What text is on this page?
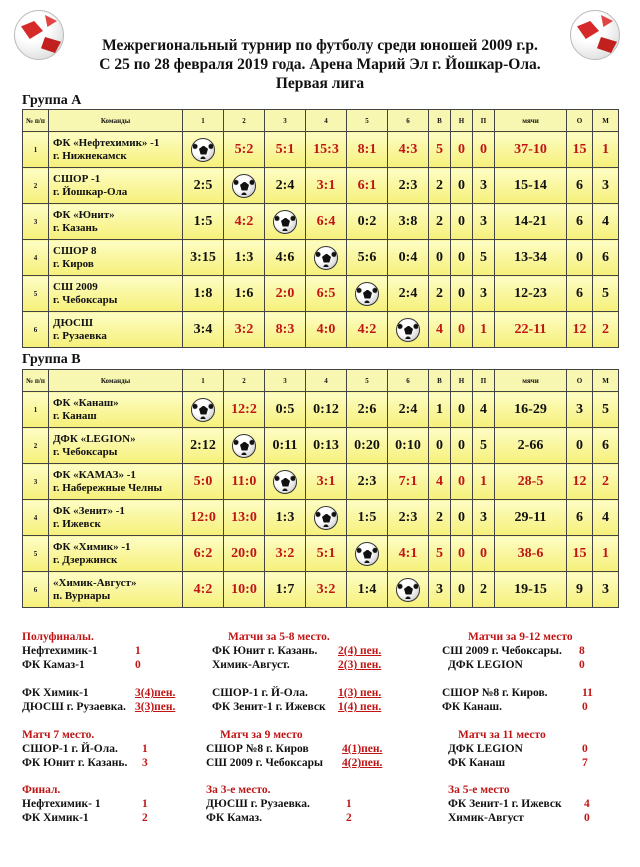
Межрегиональный турнир по футболу среди юношей 2009 г.р.
С 25 по 28 февраля 2019 года. Арена Марий Эл г. Йошкар-Ола.
Первая лига
Группа А
№ п/п	Команды	1	2	3	4	5	6	В	Н	П	мячи	О	М
1	ФК «Нефтехимик» -1
г. Нижнекамск		5:2	5:1	15:3	8:1	4:3	5	0	0	37-10	15	1
2	СШОР -1
г. Йошкар-Ола	2:5		2:4	3:1	6:1	2:3	2	0	3	15-14	6	3
3	ФК «Юнит»
г. Казань	1:5	4:2		6:4	0:2	3:8	2	0	3	14-21	6	4
4	СШОР 8
г. Киров	3:15	1:3	4:6		5:6	0:4	0	0	5	13-34	0	6
5	СШ 2009
г. Чебоксары	1:8	1:6	2:0	6:5		2:4	2	0	3	12-23	6	5
6	ДЮСШ
г. Рузаевка	3:4	3:2	8:3	4:0	4:2		4	0	1	22-11	12	2
Группа В
№ п/п	Команды	1	2	3	4	5	6	В	Н	П	мячи	О	М
1	ФК «Канаш»
г. Канаш		12:2	0:5	0:12	2:6	2:4	1	0	4	16-29	3	5
2	ДФК «LEGION»
г. Чебоксары	2:12		0:11	0:13	0:20	0:10	0	0	5	2-66	0	6
3	ФК «КАМАЗ» -1
г. Набережные Челны	5:0	11:0		3:1	2:3	7:1	4	0	1	28-5	12	2
4	ФК «Зенит» -1
г. Ижевск	12:0	13:0	1:3		1:5	2:3	2	0	3	29-11	6	4
5	ФК «Химик» -1
г. Дзержинск	6:2	20:0	3:2	5:1		4:1	5	0	0	38-6	15	1
6	«Химик-Август»
п. Вурнары	4:2	10:0	1:7	3:2	1:4		3	0	2	19-15	9	3
Полуфиналы.
Нефтехимик-1	1
ФК Камаз-1	0
ФК Химик-1	3(4)пен.
ДЮСШ г. Рузаевка. 3(3)пен.
Матчи за 5-8 место.
ФК Юнит г. Казань.	2(4) пен.
Химик-Август.	2(3) пен.
СШОР-1 г. Й-Ола.	1(3) пен.
ФК Зенит-1 г. Ижевск	1(4) пен.
Матчи за 9-12 место
СШ 2009 г. Чебоксары.	8
ДФК LEGION	0
СШОР №8 г. Киров.	11
ФК Канаш.	0
Матч 7 место.
СШОР-1 г. Й-Ола.	1
ФК Юнит г. Казань.	3
Матч за 9 место
СШОР №8 г. Киров	4(1)пен.
СШ 2009 г. Чебоксары	4(2)пен.
Матч за 11 место
ДФК LEGION	0
ФК Канаш	7
Финал.
Нефтехимик- 1	1
ФК Химик-1	2
За 3-е место.
ДЮСШ г. Рузаевка.	1
ФК Камаз.	2
За 5-е место
ФК Зенит-1 г. Ижевск	4
Химик-Август	0
